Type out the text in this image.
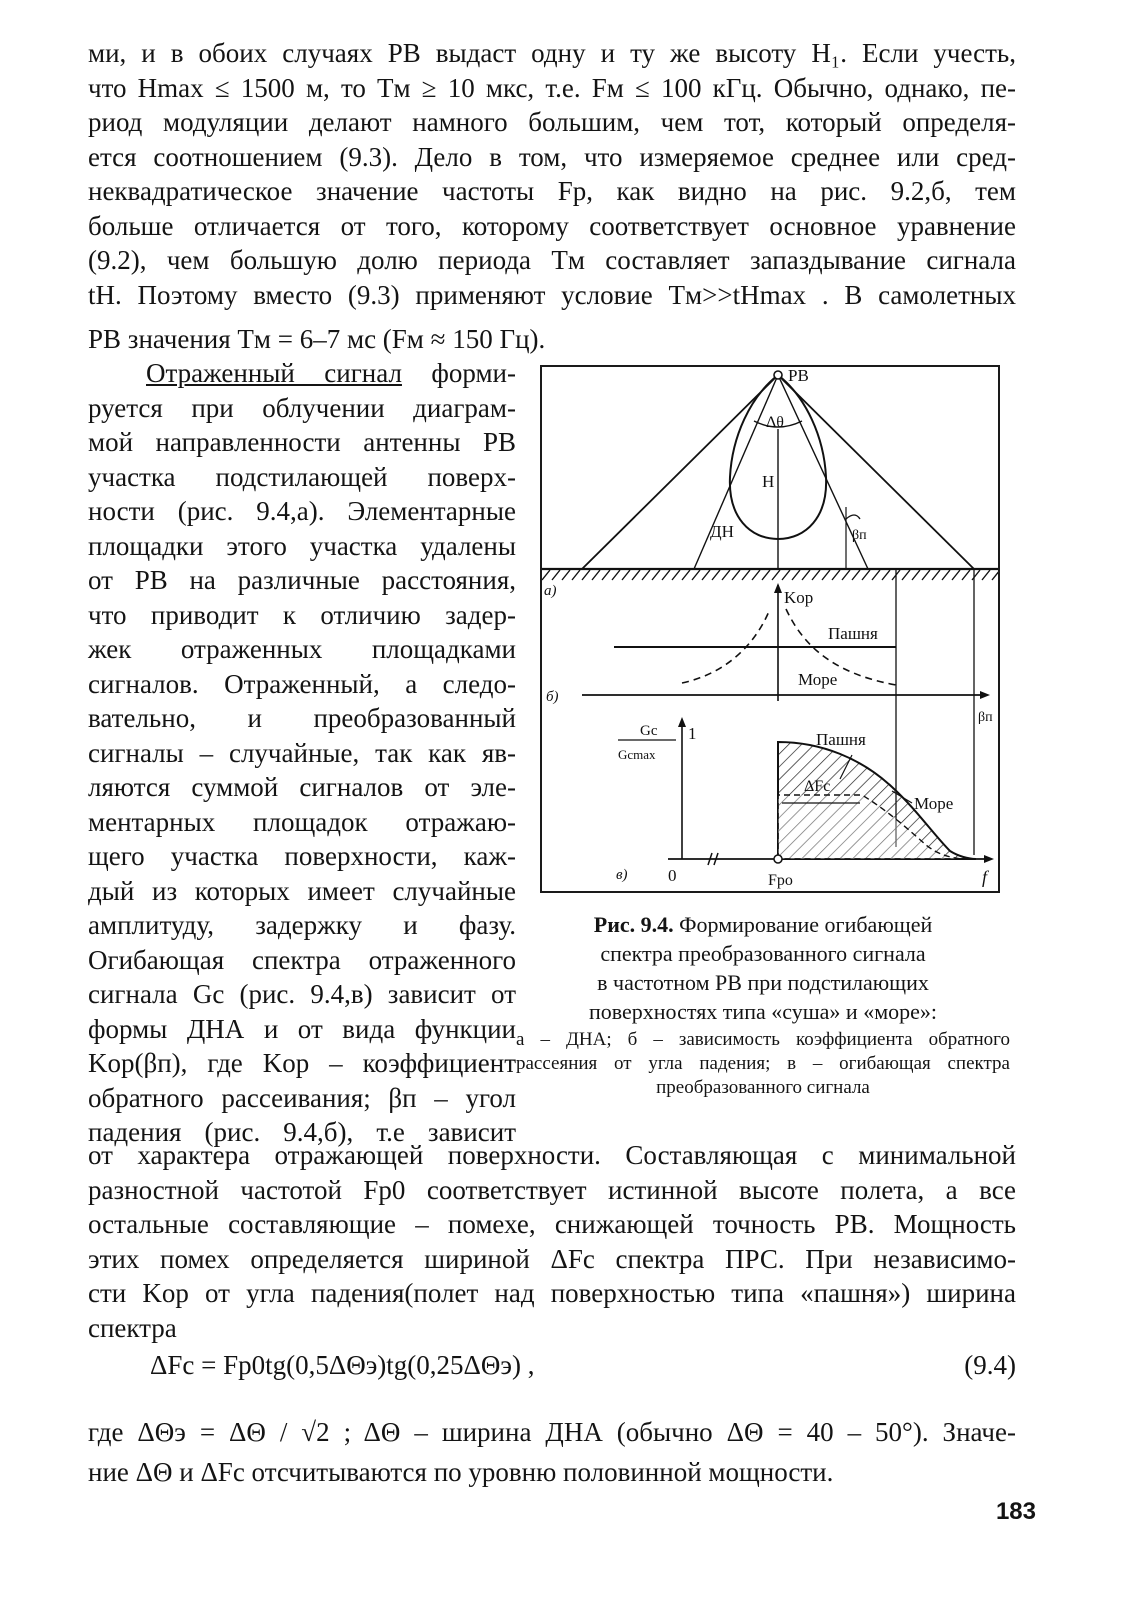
ми, и в обоих случаях РВ выдаст одну и ту же высоту H₁. Если учесть,
что Hmax ≤ 1500 м, то Tм ≥ 10 мкс, т.е. Fм ≤ 100 кГц. Обычно, однако, пе-
риод модуляции делают намного большим, чем тот, который определя-
ется соотношением (9.3). Дело в том, что измеряемое среднее или сред-
неквадратическое значение частоты Fр, как видно на рис. 9.2,б, тем
больше отличается от того, которому соответствует основное уравнение
(9.2), чем большую долю периода Tм составляет запаздывание сигнала
tH. Поэтому вместо (9.3) применяют условие Tм>>tHmax . В самолетных
РВ значения Tм = 6–7 мс (Fм ≈ 150 Гц).
Отраженный сигнал форми-
руется при облучении диаграм-
мой направленности антенны РВ
участка подстилающей поверх-
ности (рис. 9.4,а). Элементарные
площадки этого участка удалены
от РВ на различные расстояния,
что приводит к отличию задер-
жек отраженных площадками
сигналов. Отраженный, а следо-
вательно, и преобразованный
сигналы – случайные, так как яв-
ляются суммой сигналов от эле-
ментарных площадок отражаю-
щего участка поверхности, каж-
дый из которых имеет случайные
амплитуду, задержку и фазу.
Огибающая спектра отраженного
сигнала Gс (рис. 9.4,в) зависит от
формы ДНА и от вида функции
Kор(βп), где Kор – коэффициент
обратного рассеивания; βп – угол
падения (рис. 9.4,б), т.е зависит
РВ
Δθ
H
ДН	βп
а)	Kор
Пашня
Море
βп
б)
Gс
Gсmax
1	Пашня
ΔFс
Море
в) 0	Fро	f
Рис. 9.4. Формирование огибающей
спектра преобразованного сигнала
в частотном РВ при подстилающих
поверхностях типа «суша» и «море»:
а – ДНА; б – зависимость коэффициента обратного рассеяния от угла падения; в – огибающая спектра преобразованного сигнала
от характера отражающей поверхности. Составляющая с минимальной
разностной частотой Fр0 соответствует истинной высоте полета, а все
остальные составляющие – помехе, снижающей точность РВ. Мощность
этих помех определяется шириной ΔFс спектра ПРС. При независимо-
сти Kор от угла падения(полет над поверхностью типа «пашня») ширина
спектра
ΔFс = Fр0tg(0,5ΔΘэ)tg(0,25ΔΘэ) ,	(9.4)
где ΔΘэ = ΔΘ / √2 ; ΔΘ – ширина ДНА (обычно ΔΘ = 40 – 50°). Значе-
ние ΔΘ и ΔFс отсчитываются по уровню половинной мощности.
183
